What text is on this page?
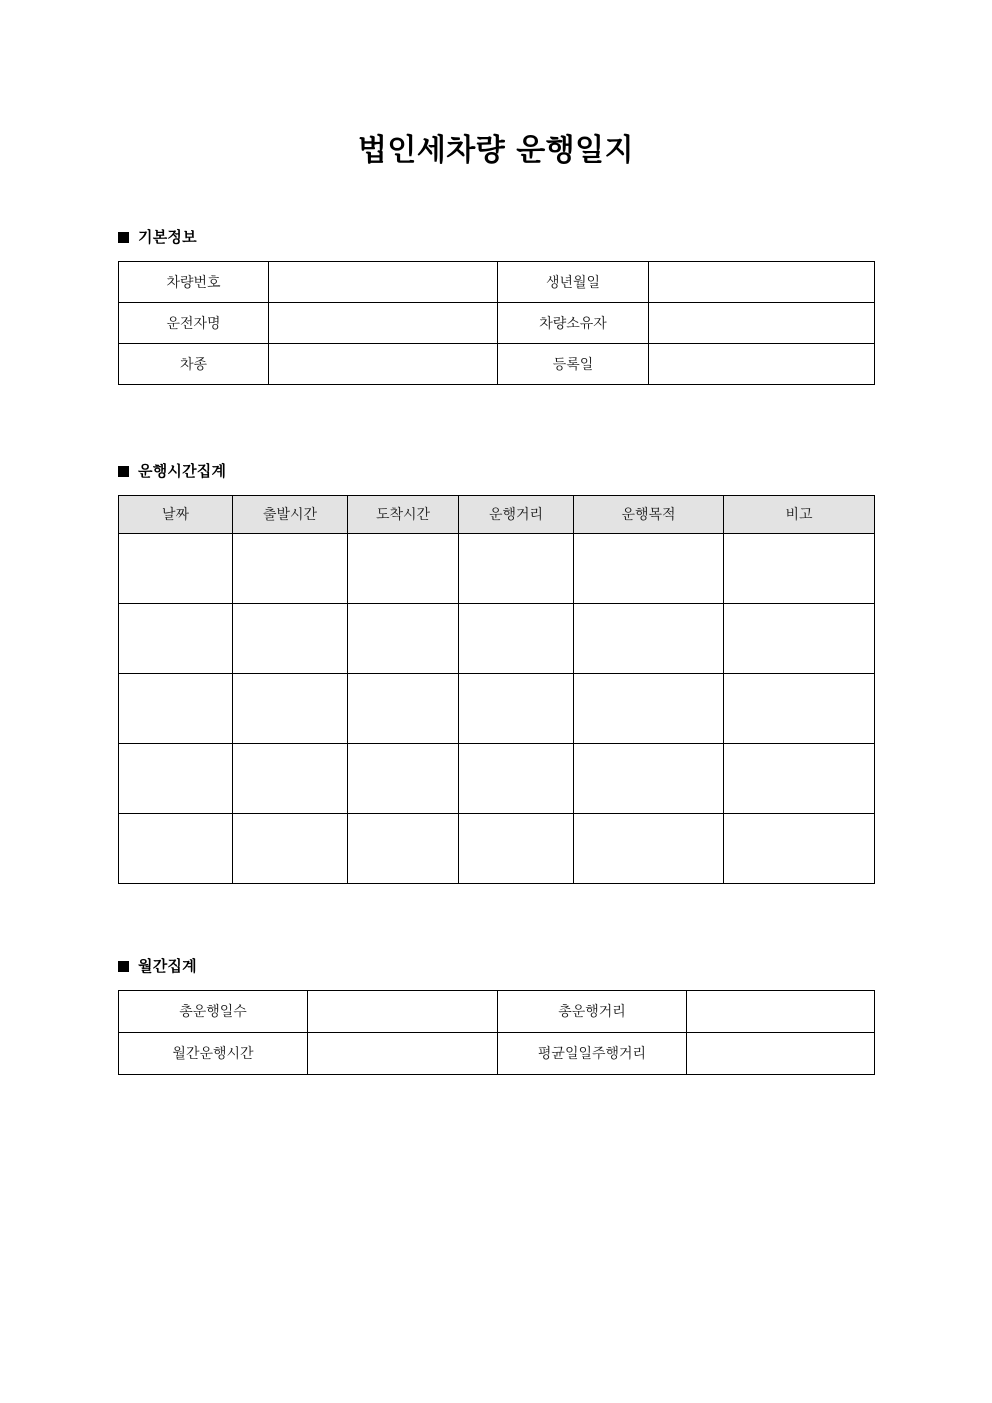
법인세차량 운행일지
기본정보
차량번호		생년월일	
운전자명		차량소유자	
차종		등록일	
운행시간집계
날짜	출발시간	도착시간	운행거리	운행목적	비고

월간집계
총운행일수		총운행거리	
월간운행시간		평균일일주행거리	
